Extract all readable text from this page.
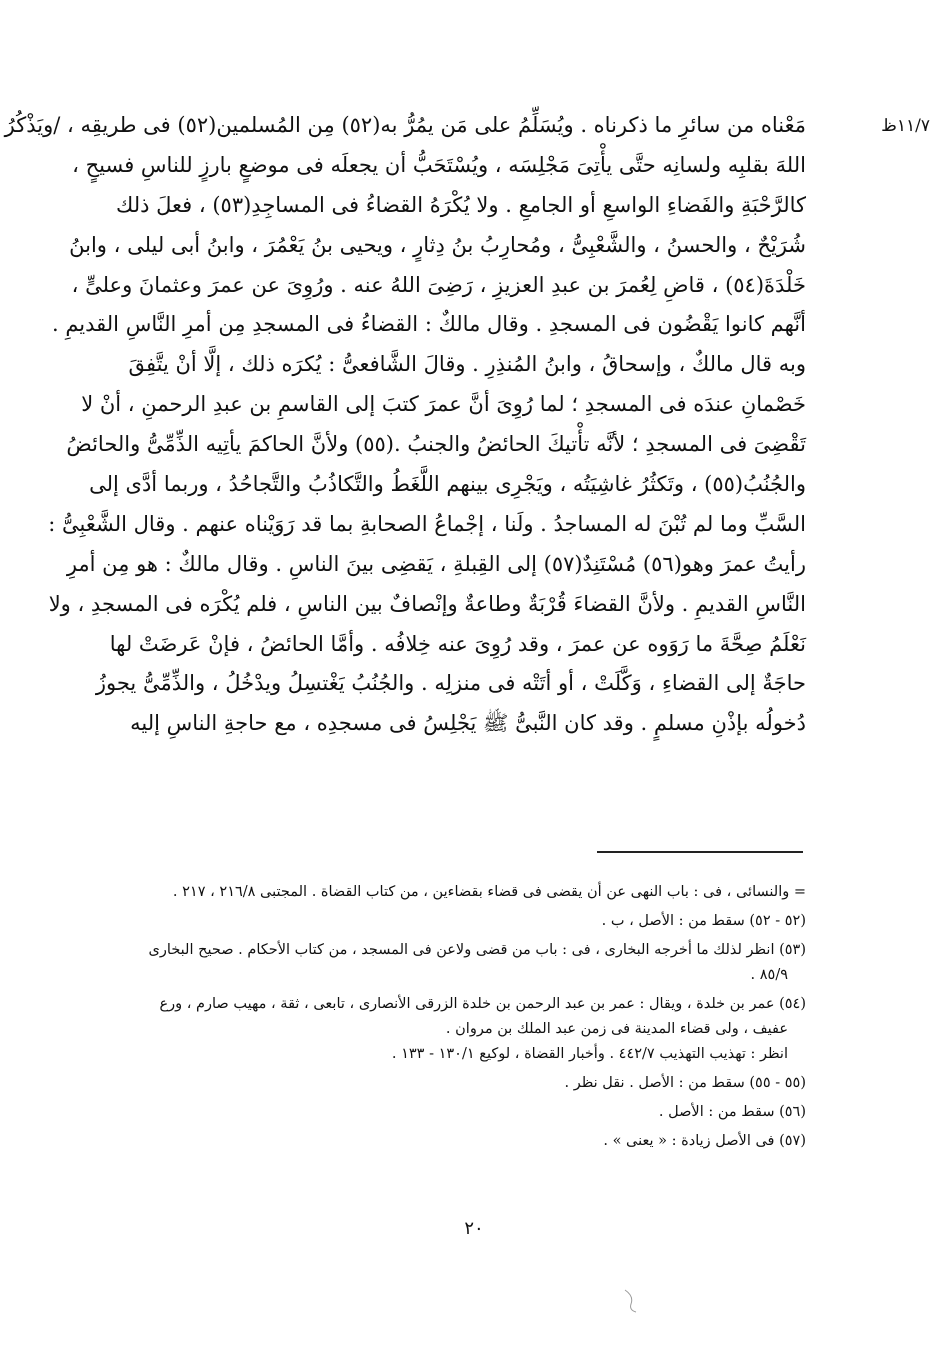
١١/٧ظ
مَعْناه من سائرِ ما ذكرناه . ويُسَلِّمُ على مَن يمُرُّ به(٥٢) مِن المُسلمين(٥٢) فى طريقِه ، /ويَذْكُرُ
اللهَ بقلبِه ولسانِه حتَّى يأْتِىَ مَجْلِسَه ، ويُسْتَحَبُّ أن يجعلَه فى موضعٍ بارزٍ للناسِ فسيحٍ ،
كالرَّحْبَةِ والفَضاءِ الواسعِ أو الجامعِ . ولا يُكْرَهُ القضاءُ فى المساجِدِ(٥٣) ، فعلَ ذلك
شُرَيْحٌ ، والحسنُ ، والشَّعْبِىُّ ، ومُحارِبُ بنُ دِثارٍ ، ويحيى بنُ يَعْمُرَ ، وابنُ أبى ليلى ، وابنُ
خَلْدَةَ(٥٤) ، قاضِ لِعُمرَ بن عبدِ العزيزِ ، رَضِىَ اللهُ عنه . ورُوِىَ عن عمرَ وعثمانَ وعلىٍّ ،
أنَّهم كانوا يَقْضُون فى المسجدِ . وقال مالكٌ : القضاءُ فى المسجدِ مِن أمرِ النَّاسِ القديمِ .
وبه قال مالكٌ ، وإسحاقُ ، وابنُ المُنذِرِ . وقالَ الشَّافعىُّ : يُكرَه ذلك ، إلَّا أنْ يتَّفِقَ
خَصْمانِ عندَه فى المسجدِ ؛ لما رُوِىَ أنَّ عمرَ كتبَ إلى القاسمِ بن عبدِ الرحمنِ ، أنْ لا
تَقْضِىَ فى المسجدِ ؛ لأنَّه تأْتيكَ الحائضُ والجنبُ .(٥٥) ولأنَّ الحاكمَ يأتِيه الذِّمِّىُّ والحائضُ
والجُنُبُ(٥٥) ، وتَكثُرُ غاشِيَتُه ، ويَجْرِى بينهم اللَّغَطُ والتَّكاذُبُ والتَّجاحُدُ ، وربما أدَّى إلى
السَّبِّ وما لم تُبْنَ له المساجدُ . ولَنا ، إجْماعُ الصحابةِ بما قد رَوَيْناه عنهم . وقال الشَّعْبِىُّ :
رأيتُ عمرَ وهو(٥٦) مُسْتَنِدٌ(٥٧) إلى القِبلةِ ، يَقضِى بينَ الناسِ . وقال مالكٌ : هو مِن أمرِ
النَّاسِ القديمِ . ولأنَّ القضاءَ قُرْبَةٌ وطاعةٌ وإنْصافٌ بين الناسِ ، فلم يُكْرَه فى المسجدِ ، ولا
نَعْلَمُ صِحَّةَ ما رَوَوه عن عمرَ ، وقد رُوِىَ عنه خِلافُه . وأمَّا الحائضُ ، فإنْ عَرضَتْ لها
حاجَةٌ إلى القضاءِ ، وَكَّلَتْ ، أو أتَتْه فى منزلِه . والجُنُبُ يَغْتسِلُ ويدْخُلُ ، والذِّمِّىُّ يجوزُ
دُخولُه بإذْنِ مسلمٍ . وقد كان النَّبىُّ ﷺ يَجْلِسُ فى مسجدِه ، مع حاجةِ الناسِ إليه
= والنسائى ، فى : باب النهى عن أن يقضى فى قضاء بقضاءين ، من كتاب القضاة . المجتبى ٢١٦/٨ ، ٢١٧ .
(٥٢ - ٥٢) سقط من : الأصل ، ب .
(٥٣) انظر لذلك ما أخرجه البخارى ، فى : باب من قضى ولاعن فى المسجد ، من كتاب الأحكام . صحيح البخارى
٨٥/٩ .
(٥٤) عمر بن خلدة ، ويقال : عمر بن عبد الرحمن بن خلدة الزرقى الأنصارى ، تابعى ، ثقة ، مهيب صارم ، ورع
عفيف ، ولى قضاء المدينة فى زمن عبد الملك بن مروان .
انظر : تهذيب التهذيب ٤٤٢/٧ . وأخبار القضاة ، لوكيع ١٣٠/١ - ١٣٣ .
(٥٥ - ٥٥) سقط من : الأصل . نقل نظر .
(٥٦) سقط من : الأصل .
(٥٧) فى الأصل زيادة : « يعنى » .
٢٠
